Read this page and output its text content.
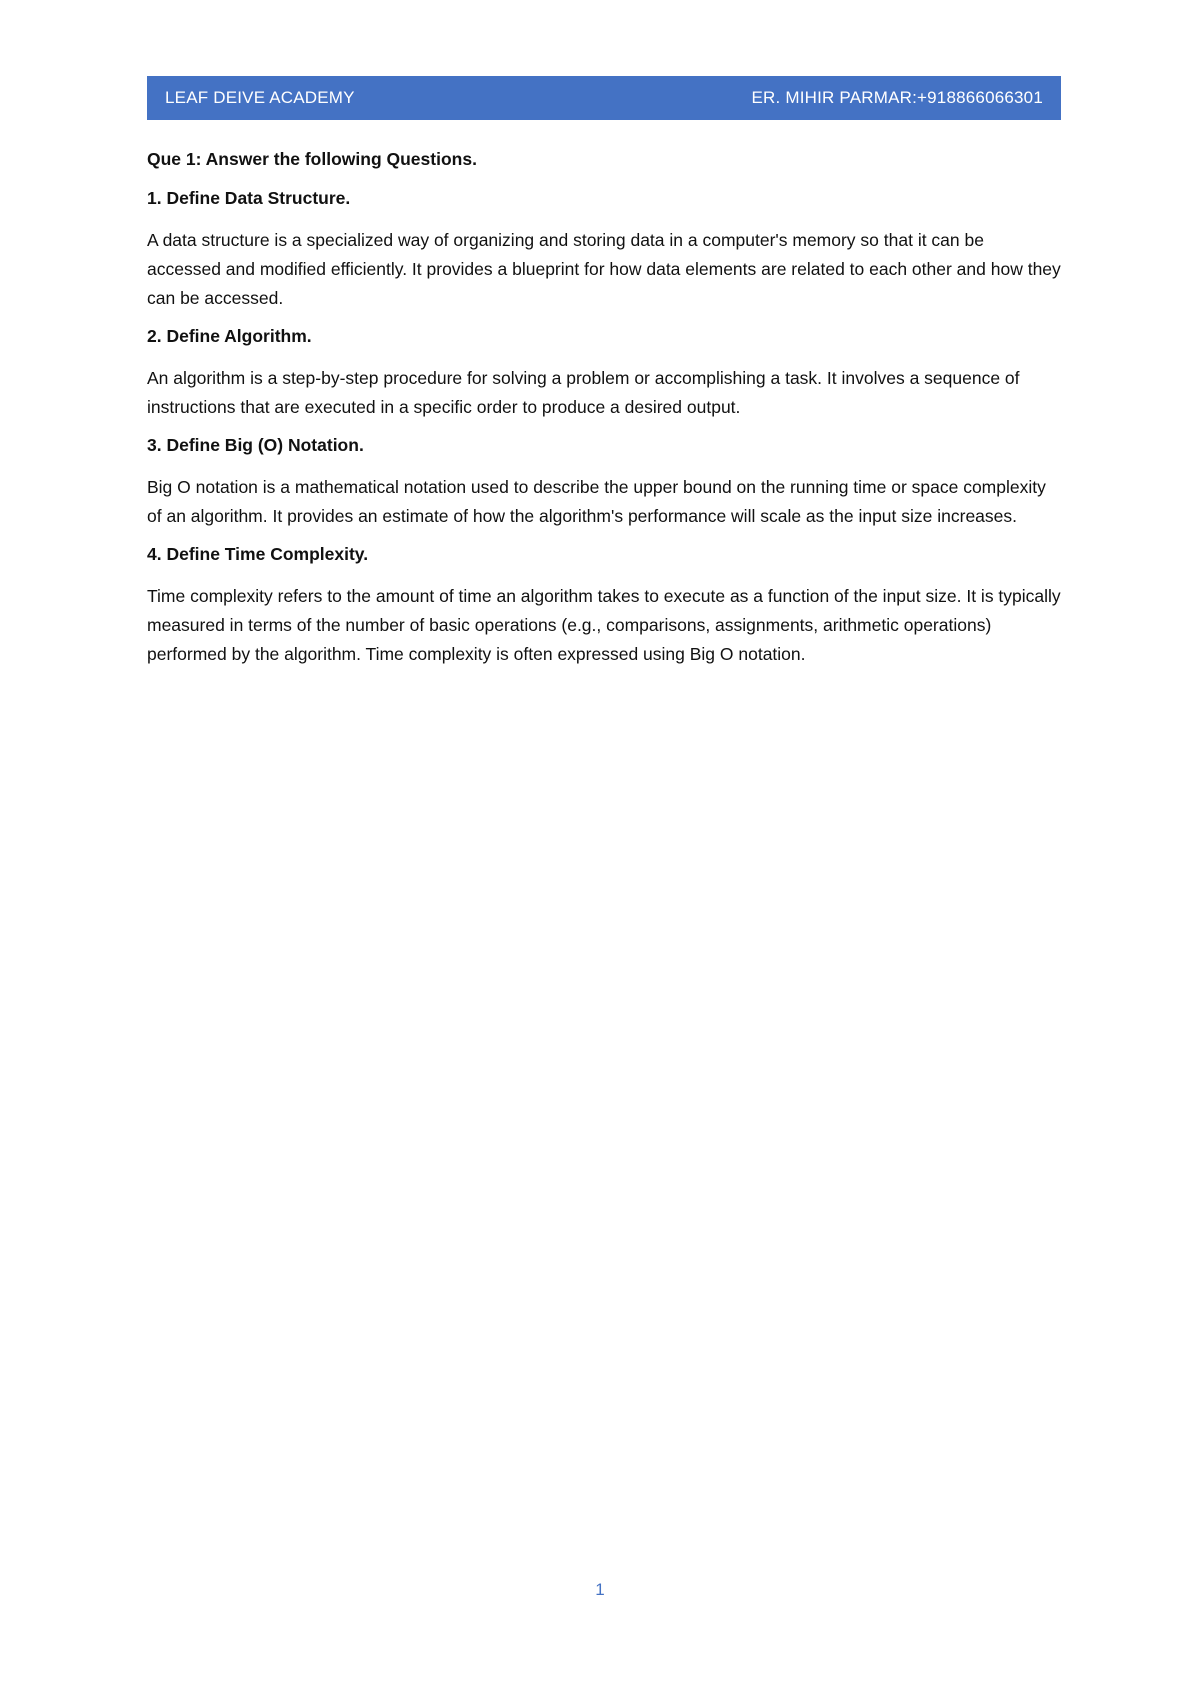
LEAF DEIVE ACADEMY	ER. MIHIR PARMAR:+918866066301
Que 1: Answer the following Questions.
1. Define Data Structure.
A data structure is a specialized way of organizing and storing data in a computer's memory so that it can be accessed and modified efficiently. It provides a blueprint for how data elements are related to each other and how they can be accessed.
2. Define Algorithm.
An algorithm is a step-by-step procedure for solving a problem or accomplishing a task. It involves a sequence of instructions that are executed in a specific order to produce a desired output.
3. Define Big (O) Notation.
Big O notation is a mathematical notation used to describe the upper bound on the running time or space complexity of an algorithm. It provides an estimate of how the algorithm's performance will scale as the input size increases.
4. Define Time Complexity.
Time complexity refers to the amount of time an algorithm takes to execute as a function of the input size. It is typically measured in terms of the number of basic operations (e.g., comparisons, assignments, arithmetic operations) performed by the algorithm. Time complexity is often expressed using Big O notation.
1
